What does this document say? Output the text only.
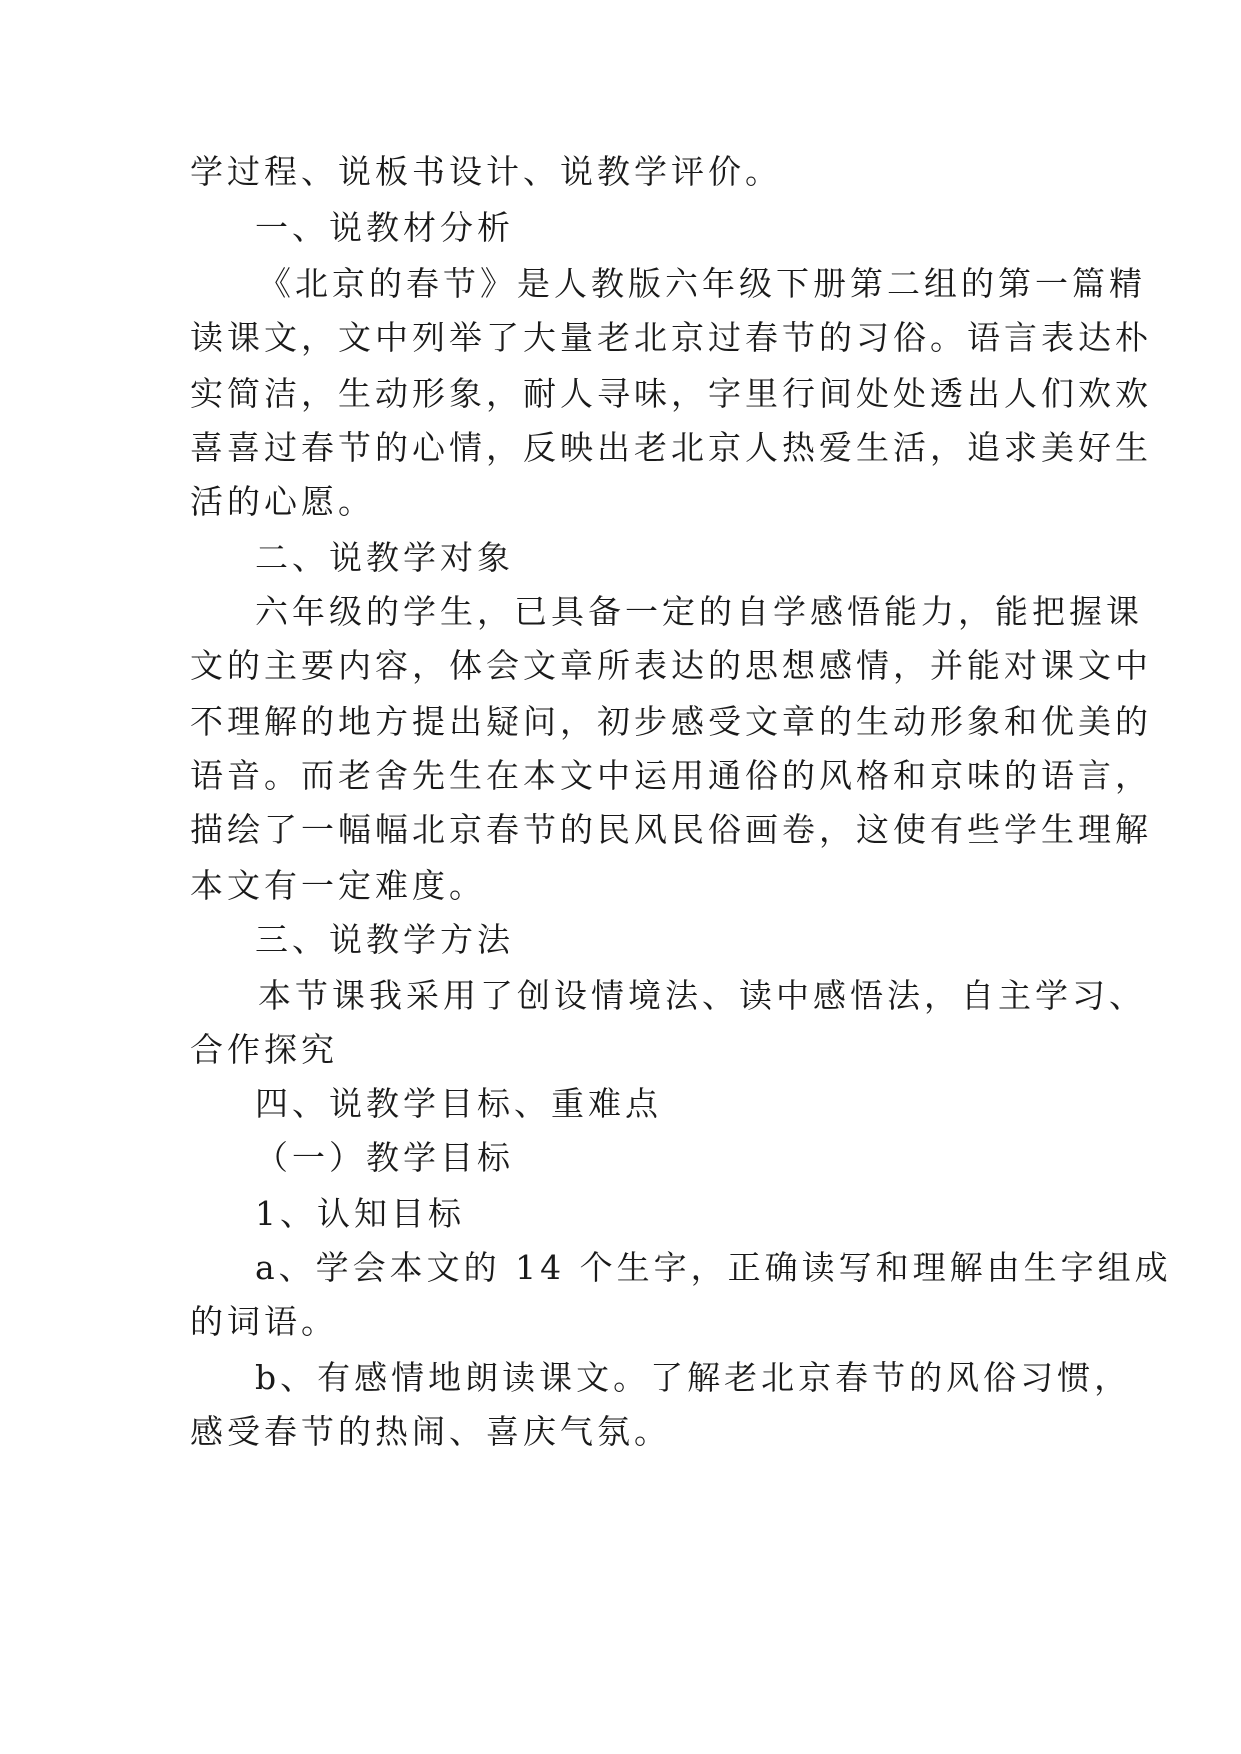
学过程、说板书设计、说教学评价。
一、说教材分析
《北京的春节》是人教版六年级下册第二组的第一篇精
读课文，文中列举了大量老北京过春节的习俗。语言表达朴
实简洁，生动形象，耐人寻味，字里行间处处透出人们欢欢
喜喜过春节的心情，反映出老北京人热爱生活，追求美好生
活的心愿。
二、说教学对象
六年级的学生，已具备一定的自学感悟能力，能把握课
文的主要内容，体会文章所表达的思想感情，并能对课文中
不理解的地方提出疑问，初步感受文章的生动形象和优美的
语音。而老舍先生在本文中运用通俗的风格和京味的语言，
描绘了一幅幅北京春节的民风民俗画卷，这使有些学生理解
本文有一定难度。
三、说教学方法
本节课我采用了创设情境法、读中感悟法，自主学习、
合作探究
四、说教学目标、重难点
（一）教学目标
1、认知目标
a、学会本文的 14 个生字，正确读写和理解由生字组成
的词语。
b、有感情地朗读课文。了解老北京春节的风俗习惯，
感受春节的热闹、喜庆气氛。
